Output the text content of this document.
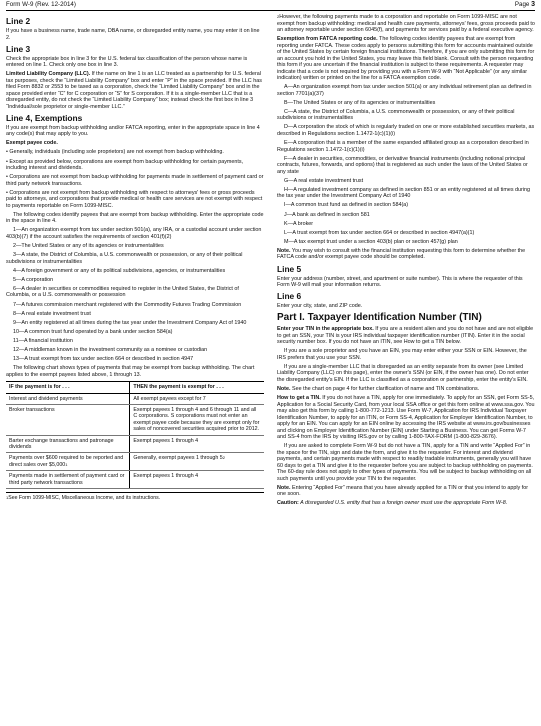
Form W-9 (Rev. 12-2014)	Page 3
Line 2

If you have a business name, trade name, DBA name, or disregarded entity name, you may enter it on line 2.

Line 3

Check the appropriate box in line 3 for the U.S. federal tax classification of the person whose name is entered on line 1. Check only one box in line 3.

Limited Liability Company (LLC). If the name on line 1 is an LLC treated as a partnership for U.S. federal tax purposes, check the “Limited Liability Company” box and enter “P” in the space provided. If the LLC has filed Form 8832 or 2553 to be taxed as a corporation, check the “Limited Liability Company” box and in the space provided enter “C” for C corporation or “S” for S corporation. If it is a single-member LLC that is a disregarded entity, do not check the “Limited Liability Company” box; instead check the first box in line 3 “Individual/sole proprietor or single-member LLC.”

Line 4, Exemptions

If you are exempt from backup withholding and/or FATCA reporting, enter in the appropriate space in line 4 any code(s) that may apply to you.

Exempt payee code.

• Generally, individuals (including sole proprietors) are not exempt from backup withholding.

• Except as provided below, corporations are exempt from backup withholding for certain payments, including interest and dividends.

• Corporations are not exempt from backup withholding for payments made in settlement of payment card or third party network transactions.

• Corporations are not exempt from backup withholding with respect to attorneys' fees or gross proceeds paid to attorneys, and corporations that provide medical or health care services are not exempt with respect to payments reportable on Form 1099-MISC.

The following codes identify payees that are exempt from backup withholding. Enter the appropriate code in the space in line 4.

1—An organization exempt from tax under section 501(a), any IRA, or a custodial account under section 403(b)(7) if the account satisfies the requirements of section 401(f)(2)

2—The United States or any of its agencies or instrumentalities

3—A state, the District of Columbia, a U.S. commonwealth or possession, or any of their political subdivisions or instrumentalities

4—A foreign government or any of its political subdivisions, agencies, or instrumentalities

5—A corporation

6—A dealer in securities or commodities required to register in the United States, the District of Columbia, or a U.S. commonwealth or possession

7—A futures commission merchant registered with the Commodity Futures Trading Commission

8—A real estate investment trust

9—An entity registered at all times during the tax year under the Investment Company Act of 1940

10—A common trust fund operated by a bank under section 584(a)

11—A financial institution

12—A middleman known in the investment community as a nominee or custodian

13—A trust exempt from tax under section 664 or described in section 4947

The following chart shows types of payments that may be exempt from backup withholding. The chart applies to the exempt payees listed above, 1 through 13.

IF the payment is for . . .	THEN the payment is exempt for . . .
Interest and dividend payments	All exempt payees except for 7
Broker transactions	Exempt payees 1 through 4 and 6 through 11 and all C corporations. S corporations must not enter an exempt payee code because they are exempt only for sales of noncovered securities acquired prior to 2012.
Barter exchange transactions and patronage dividends	Exempt payees 1 through 4
Payments over $600 required to be reported and direct sales over $5,000$^1$	Generally, exempt payees 1 through $5^2$
Payments made in settlement of payment card or third party network transactions	Exempt payees 1 through 4
$^1$See Form 1099-MISC, Miscellaneous Income, and its instructions.

$^2$However, the following payments made to a corporation and reportable on Form 1099-MISC are not exempt from backup withholding: medical and health care payments, attorneys' fees, gross proceeds paid to an attorney reportable under section 6045(f), and payments for services paid by a federal executive agency.

Exemption from FATCA reporting code. The following codes identify payees that are exempt from reporting under FATCA. These codes apply to persons submitting this form for accounts maintained outside of the United States by certain foreign financial institutions. Therefore, if you are only submitting this form for an account you hold in the United States, you may leave this field blank. Consult with the person requesting this form if you are uncertain if the financial institution is subject to these requirements. A requester may indicate that a code is not required by providing you with a Form W-9 with “Not Applicable” (or any similar indication) written or printed on the line for a FATCA exemption code.

A—An organization exempt from tax under section 501(a) or any individual retirement plan as defined in section 7701(a)(37)

B—The United States or any of its agencies or instrumentalities

C—A state, the District of Columbia, a U.S. commonwealth or possession, or any of their political subdivisions or instrumentalities

D—A corporation the stock of which is regularly traded on one or more established securities markets, as described in Regulations section 1.1472-1(c)(1)(i)

E—A corporation that is a member of the same expanded affiliated group as a corporation described in Regulations section 1.1472-1(c)(1)(i)

F—A dealer in securities, commodities, or derivative financial instruments (including notional principal contracts, futures, forwards, and options) that is registered as such under the laws of the United States or any state

G—A real estate investment trust

H—A regulated investment company as defined in section 851 or an entity registered at all times during the tax year under the Investment Company Act of 1940

I—A common trust fund as defined in section 584(a)

J—A bank as defined in section 581

K—A broker

L—A trust exempt from tax under section 664 or described in section 4947(a)(1)

M—A tax exempt trust under a section 403(b) plan or section 457(g) plan

Note. You may wish to consult with the financial institution requesting this form to determine whether the FATCA code and/or exempt payee code should be completed.

Line 5

Enter your address (number, street, and apartment or suite number). This is where the requester of this Form W-9 will mail your information returns.

Line 6

Enter your city, state, and ZIP code.

Part I. Taxpayer Identification Number (TIN)

Enter your TIN in the appropriate box. If you are a resident alien and you do not have and are not eligible to get an SSN, your TIN is your IRS individual taxpayer identification number (ITIN). Enter it in the social security number box. If you do not have an ITIN, see How to get a TIN below.

If you are a sole proprietor and you have an EIN, you may enter either your SSN or EIN. However, the IRS prefers that you use your SSN.

If you are a single-member LLC that is disregarded as an entity separate from its owner (see Limited Liability Company (LLC) on this page), enter the owner's SSN (or EIN, if the owner has one). Do not enter the disregarded entity's EIN. If the LLC is classified as a corporation or partnership, enter the entity's EIN.

Note. See the chart on page 4 for further clarification of name and TIN combinations.

How to get a TIN. If you do not have a TIN, apply for one immediately. To apply for an SSN, get Form SS-5, Application for a Social Security Card, from your local SSA office or get this form online at www.ssa.gov. You may also get this form by calling 1-800-772-1213. Use Form W-7, Application for IRS Individual Taxpayer Identification Number, to apply for an ITIN, or Form SS-4, Application for Employer Identification Number, to apply for an EIN. You can apply for an EIN online by accessing the IRS website at www.irs.gov/businesses and clicking on Employer Identification Number (EIN) under Starting a Business. You can get Forms W-7 and SS-4 from the IRS by visiting IRS.gov or by calling 1-800-TAX-FORM (1-800-829-3676).

If you are asked to complete Form W-9 but do not have a TIN, apply for a TIN and write “Applied For” in the space for the TIN, sign and date the form, and give it to the requester. For interest and dividend payments, and certain payments made with respect to readily tradable instruments, generally you will have 60 days to get a TIN and give it to the requester before you are subject to backup withholding on payments. The 60-day rule does not apply to other types of payments. You will be subject to backup withholding on all such payments until you provide your TIN to the requester.

Note. Entering “Applied For” means that you have already applied for a TIN or that you intend to apply for one soon.

Caution: A disregarded U.S. entity that has a foreign owner must use the appropriate Form W-8.
